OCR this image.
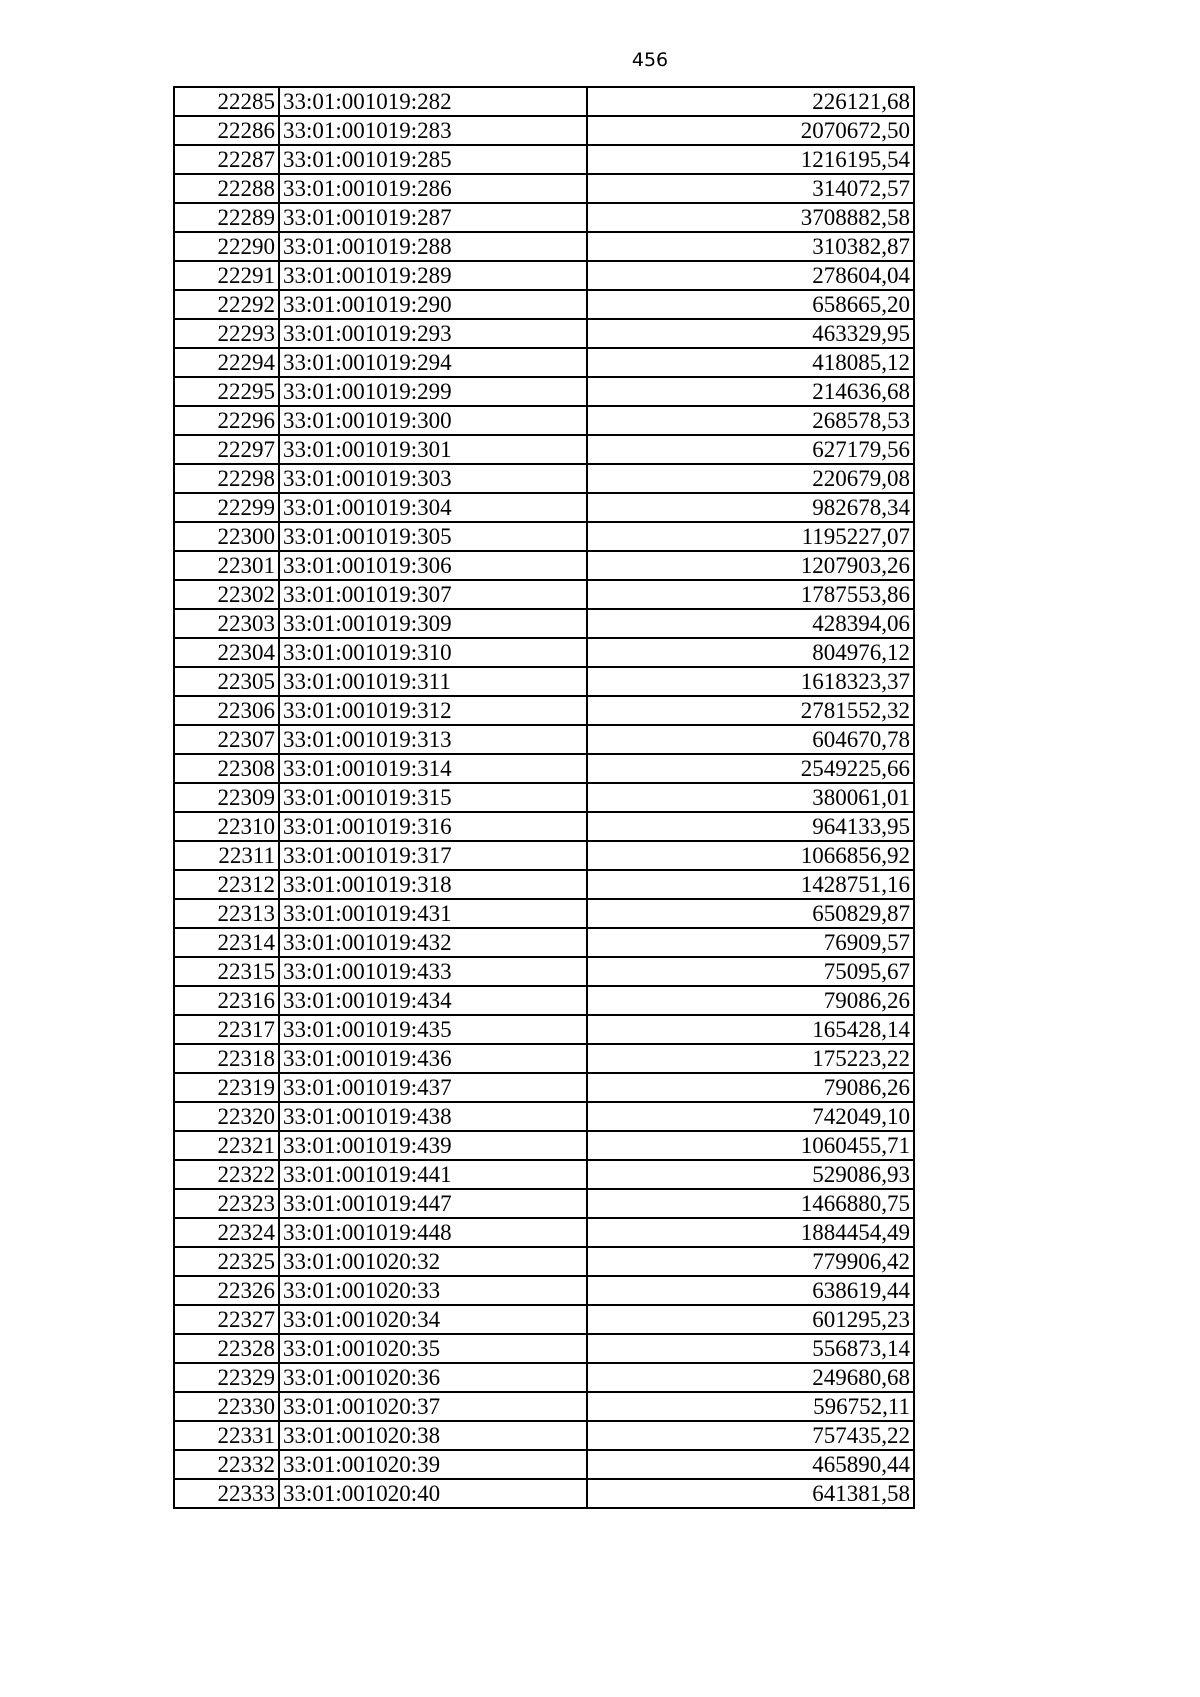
456
22285	33:01:001019:282	226121,68
22286	33:01:001019:283	2070672,50
22287	33:01:001019:285	1216195,54
22288	33:01:001019:286	314072,57
22289	33:01:001019:287	3708882,58
22290	33:01:001019:288	310382,87
22291	33:01:001019:289	278604,04
22292	33:01:001019:290	658665,20
22293	33:01:001019:293	463329,95
22294	33:01:001019:294	418085,12
22295	33:01:001019:299	214636,68
22296	33:01:001019:300	268578,53
22297	33:01:001019:301	627179,56
22298	33:01:001019:303	220679,08
22299	33:01:001019:304	982678,34
22300	33:01:001019:305	1195227,07
22301	33:01:001019:306	1207903,26
22302	33:01:001019:307	1787553,86
22303	33:01:001019:309	428394,06
22304	33:01:001019:310	804976,12
22305	33:01:001019:311	1618323,37
22306	33:01:001019:312	2781552,32
22307	33:01:001019:313	604670,78
22308	33:01:001019:314	2549225,66
22309	33:01:001019:315	380061,01
22310	33:01:001019:316	964133,95
22311	33:01:001019:317	1066856,92
22312	33:01:001019:318	1428751,16
22313	33:01:001019:431	650829,87
22314	33:01:001019:432	76909,57
22315	33:01:001019:433	75095,67
22316	33:01:001019:434	79086,26
22317	33:01:001019:435	165428,14
22318	33:01:001019:436	175223,22
22319	33:01:001019:437	79086,26
22320	33:01:001019:438	742049,10
22321	33:01:001019:439	1060455,71
22322	33:01:001019:441	529086,93
22323	33:01:001019:447	1466880,75
22324	33:01:001019:448	1884454,49
22325	33:01:001020:32	779906,42
22326	33:01:001020:33	638619,44
22327	33:01:001020:34	601295,23
22328	33:01:001020:35	556873,14
22329	33:01:001020:36	249680,68
22330	33:01:001020:37	596752,11
22331	33:01:001020:38	757435,22
22332	33:01:001020:39	465890,44
22333	33:01:001020:40	641381,58
